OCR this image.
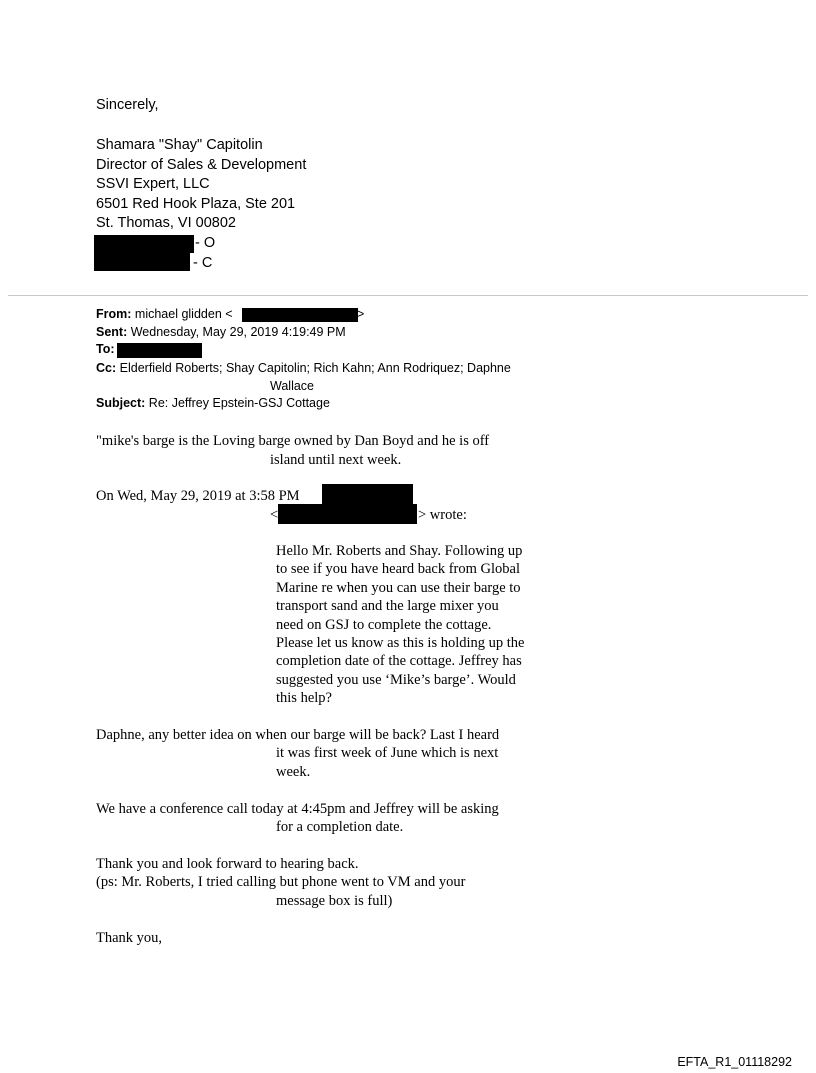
Sincerely,
Shamara "Shay" Capitolin
Director of Sales & Development
SSVI Expert, LLC
6501 Red Hook Plaza, Ste 201
St. Thomas, VI 00802
- O
- C
From: michael glidden <	>
Sent: Wednesday, May 29, 2019 4:19:49 PM
To:
Cc: Elderfield Roberts; Shay Capitolin; Rich Kahn; Ann Rodriquez; Daphne
Wallace
Subject: Re: Jeffrey Epstein-GSJ Cottage
"mike's barge is the Loving barge owned by Dan Boyd and he is off
island until next week.
On Wed, May 29, 2019 at 3:58 PM
<	> wrote:
Hello Mr. Roberts and Shay. Following up
to see if you have heard back from Global
Marine re when you can use their barge to
transport sand and the large mixer you
need on GSJ to complete the cottage.
Please let us know as this is holding up the
completion date of the cottage. Jeffrey has
suggested you use ‘Mike’s barge’. Would
this help?
Daphne, any better idea on when our barge will be back? Last I heard
it was first week of June which is next
week.
We have a conference call today at 4:45pm and Jeffrey will be asking
for a completion date.
Thank you and look forward to hearing back.
(ps: Mr. Roberts, I tried calling but phone went to VM and your
message box is full)
Thank you,
EFTA_R1_01118292
